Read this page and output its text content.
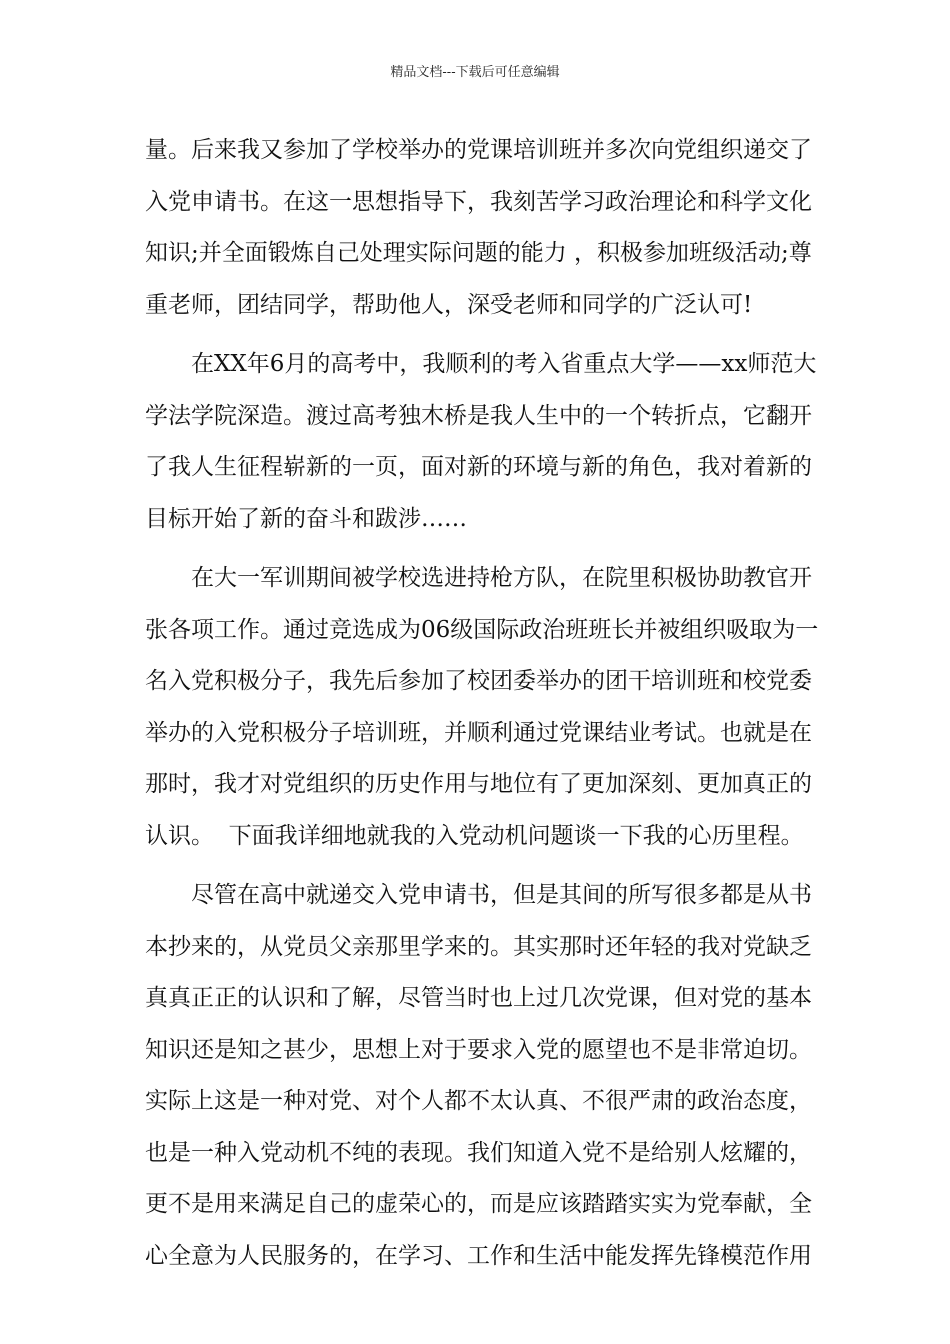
精品文档---下载后可任意编辑
量。后来我又参加了学校举办的党课培训班并多次向党组织递交了
入党申请书。在这一思想指导下，我刻苦学习政治理论和科学文化
知识;并全面锻炼自己处理实际问题的能力 ，积极参加班级活动;尊
重老师，团结同学，帮助他人，深受老师和同学的广泛认可!
在XX年6月的高考中，我顺利的考入省重点大学——xx师范大
学法学院深造。渡过高考独木桥是我人生中的一个转折点，它翻开
了我人生征程崭新的一页，面对新的环境与新的角色，我对着新的
目标开始了新的奋斗和跋涉……
在大一军训期间被学校选进持枪方队，在院里积极协助教官开
张各项工作。通过竞选成为06级国际政治班班长并被组织吸取为一
名入党积极分子，我先后参加了校团委举办的团干培训班和校党委
举办的入党积极分子培训班，并顺利通过党课结业考试。也就是在
那时，我才对党组织的历史作用与地位有了更加深刻、更加真正的
认识。  下面我详细地就我的入党动机问题谈一下我的心历里程。
尽管在高中就递交入党申请书，但是其间的所写很多都是从书
本抄来的，从党员父亲那里学来的。其实那时还年轻的我对党缺乏
真真正正的认识和了解，尽管当时也上过几次党课，但对党的基本
知识还是知之甚少，思想上对于要求入党的愿望也不是非常迫切。
实际上这是一种对党、对个人都不太认真、不很严肃的政治态度，
也是一种入党动机不纯的表现。我们知道入党不是给别人炫耀的，
更不是用来满足自己的虚荣心的，而是应该踏踏实实为党奉献，全
心全意为人民服务的，在学习、工作和生活中能发挥先锋模范作用
